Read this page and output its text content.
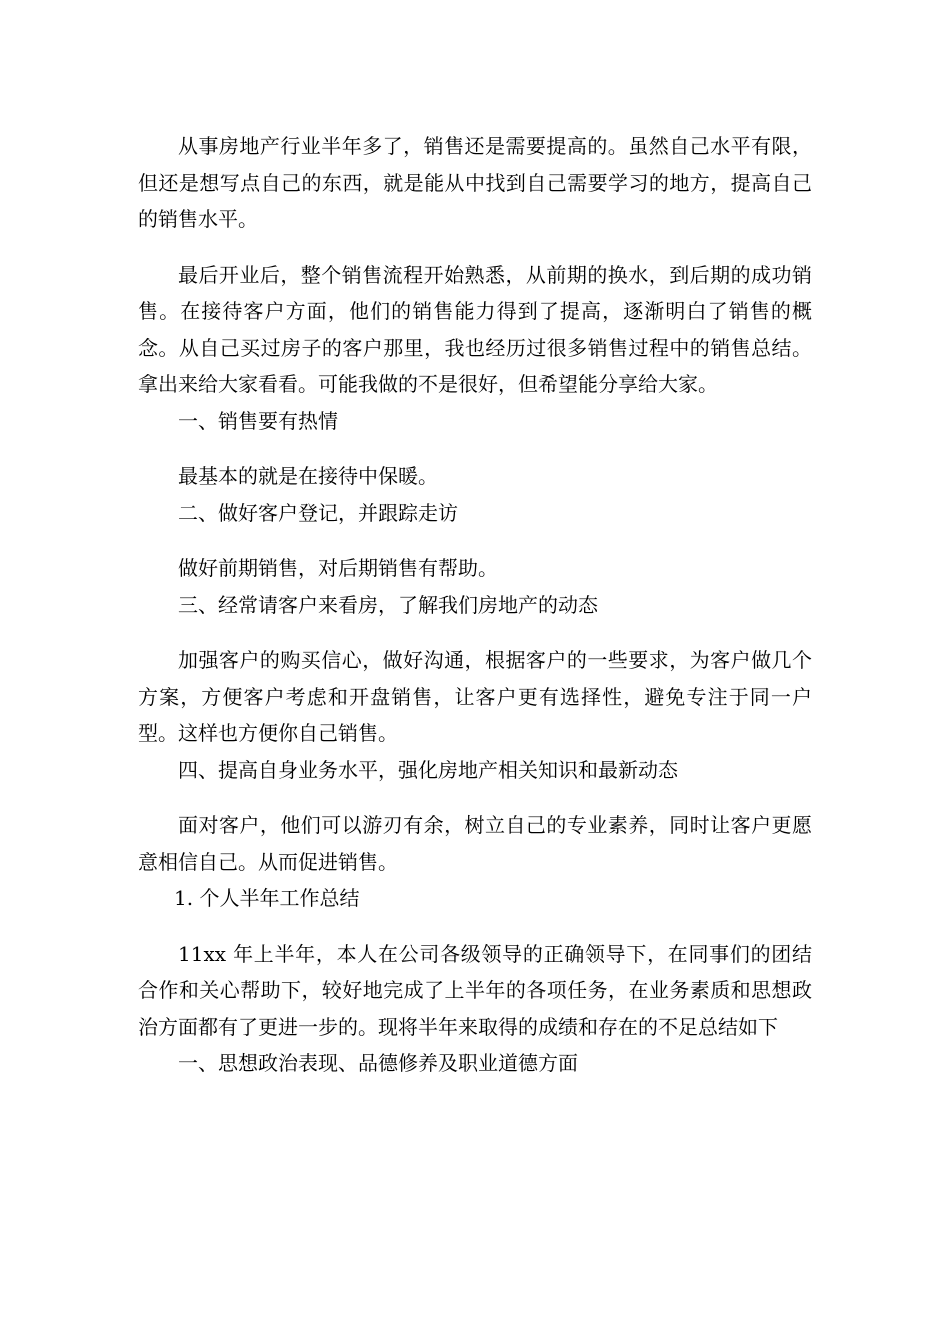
从事房地产行业半年多了，销售还是需要提高的。虽然自己水平有限，但还是想写点自己的东西，就是能从中找到自己需要学习的地方，提高自己的销售水平。

最后开业后，整个销售流程开始熟悉，从前期的换水，到后期的成功销售。在接待客户方面，他们的销售能力得到了提高，逐渐明白了销售的概念。从自己买过房子的客户那里，我也经历过很多销售过程中的销售总结。拿出来给大家看看。可能我做的不是很好，但希望能分享给大家。

一、销售要有热情

最基本的就是在接待中保暖。

二、做好客户登记，并跟踪走访

做好前期销售，对后期销售有帮助。

三、经常请客户来看房，了解我们房地产的动态

加强客户的购买信心，做好沟通，根据客户的一些要求，为客户做几个方案，方便客户考虑和开盘销售，让客户更有选择性，避免专注于同一户型。这样也方便你自己销售。

四、提高自身业务水平，强化房地产相关知识和最新动态

面对客户，他们可以游刃有余，树立自己的专业素养，同时让客户更愿意相信自己。从而促进销售。

1. 个人半年工作总结

11xx 年上半年，本人在公司各级领导的正确领导下，在同事们的团结合作和关心帮助下，较好地完成了上半年的各项任务，在业务素质和思想政治方面都有了更进一步的。现将半年来取得的成绩和存在的不足总结如下

一、思想政治表现、品德修养及职业道德方面
